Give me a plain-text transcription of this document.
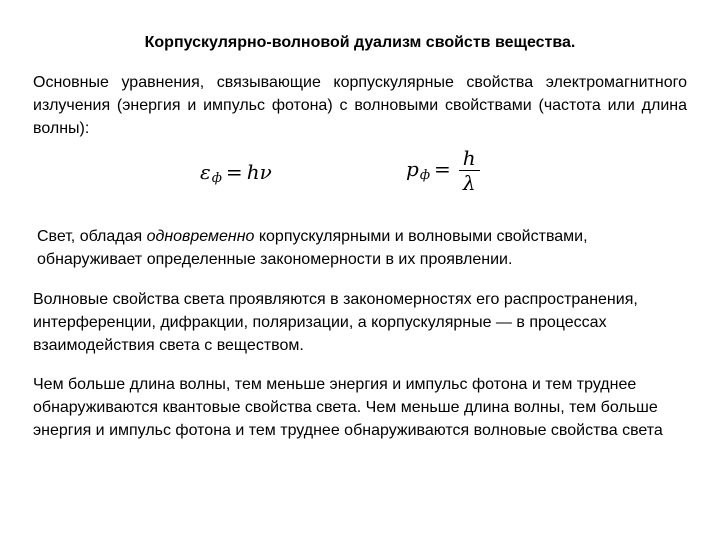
Корпускулярно-волновой дуализм свойств вещества.

Основные уравнения, связывающие корпускулярные свойства электромагнитного излучения (энергия и импульс фотона) с волновыми свойствами (частота или длина волны):

$\varepsilon_ф = h\nu$	$p_ф = \frac{h}{\lambda}$

Свет, обладая одновременно корпускулярными и волновыми свойствами, обнаруживает определенные закономерности в их проявлении.

Волновые свойства света проявляются в закономерностях его распространения, интерференции, дифракции, поляризации, а корпускулярные — в процессах взаимодействия света с веществом.

Чем больше длина волны, тем меньше энергия и импульс фотона и тем труднее обнаруживаются квантовые свойства света. Чем меньше длина волны, тем больше энергия и импульс фотона и тем труднее обнаруживаются волновые свойства света
